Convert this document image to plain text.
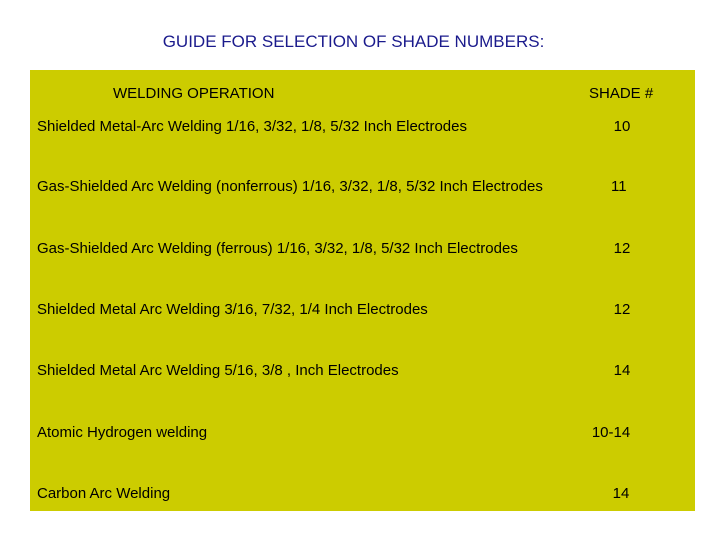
GUIDE FOR SELECTION OF SHADE NUMBERS:
WELDING OPERATION	SHADE #
Shielded Metal-Arc Welding 1/16, 3/32, 1/8, 5/32 Inch Electrodes	10
Gas-Shielded Arc Welding (nonferrous) 1/16, 3/32, 1/8, 5/32 Inch Electrodes	11
Gas-Shielded Arc Welding (ferrous) 1/16, 3/32, 1/8, 5/32 Inch Electrodes	12
Shielded Metal Arc Welding 3/16, 7/32, 1/4 Inch Electrodes	12
Shielded Metal Arc Welding 5/16, 3/8 , Inch Electrodes	14
Atomic Hydrogen welding	10-14
Carbon Arc Welding	14
